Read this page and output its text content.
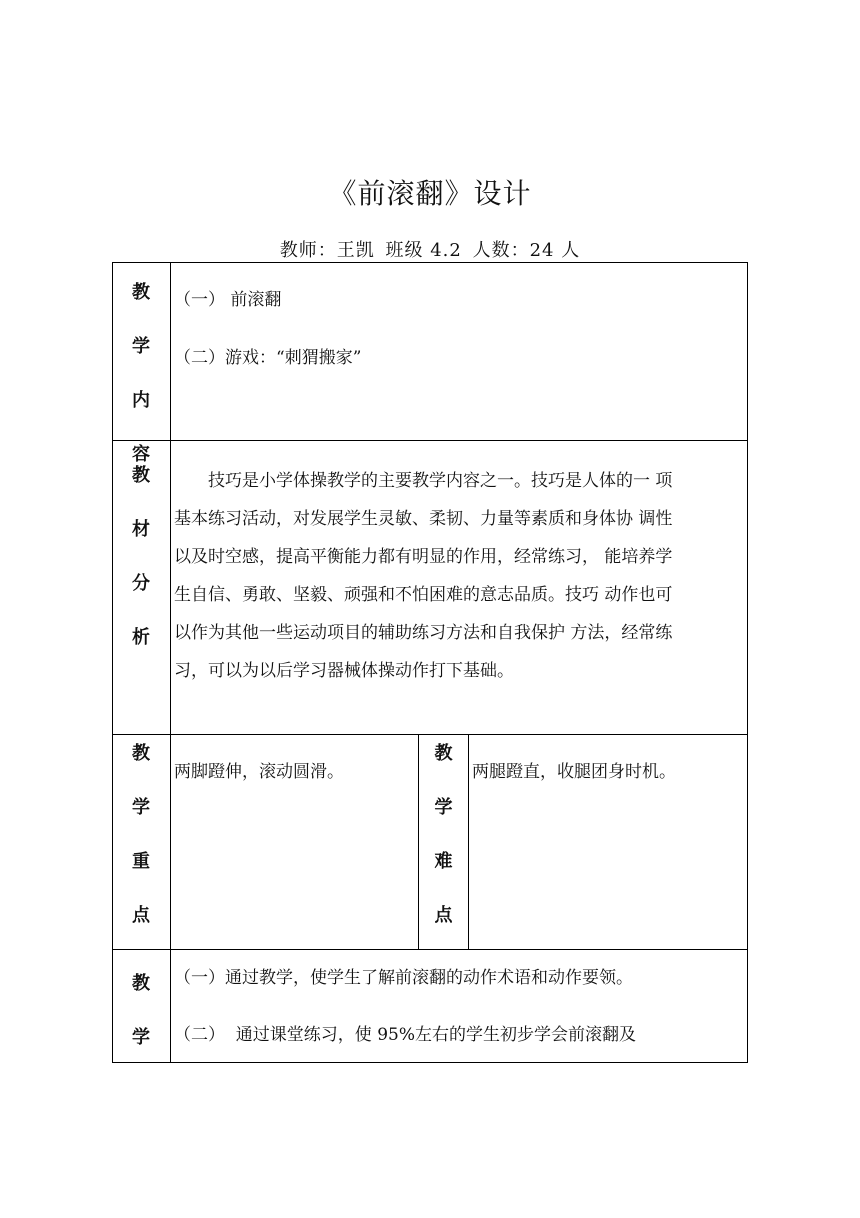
《前滚翻》设计
教师：王凯 班级 4.2 人数：24 人
教
学
内
容
（一） 前滚翻
（二）游戏：“刺猬搬家”
教
材
分
析
　　技巧是小学体操教学的主要教学内容之一。技巧是人体的一 项
基本练习活动，对发展学生灵敏、柔韧、力量等素质和身体协 调性
以及时空感，提高平衡能力都有明显的作用，经常练习， 能培养学
生自信、勇敢、坚毅、顽强和不怕困难的意志品质。技巧 动作也可
以作为其他一些运动项目的辅助练习方法和自我保护 方法，经常练
习，可以为以后学习器械体操动作打下基础。
教
学
重
点
两脚蹬伸，滚动圆滑。
教
学
难
点
两腿蹬直，收腿团身时机。
教
学
（一）通过教学，使学生了解前滚翻的动作术语和动作要领。
（二）  通过课堂练习，使 95%左右的学生初步学会前滚翻及
